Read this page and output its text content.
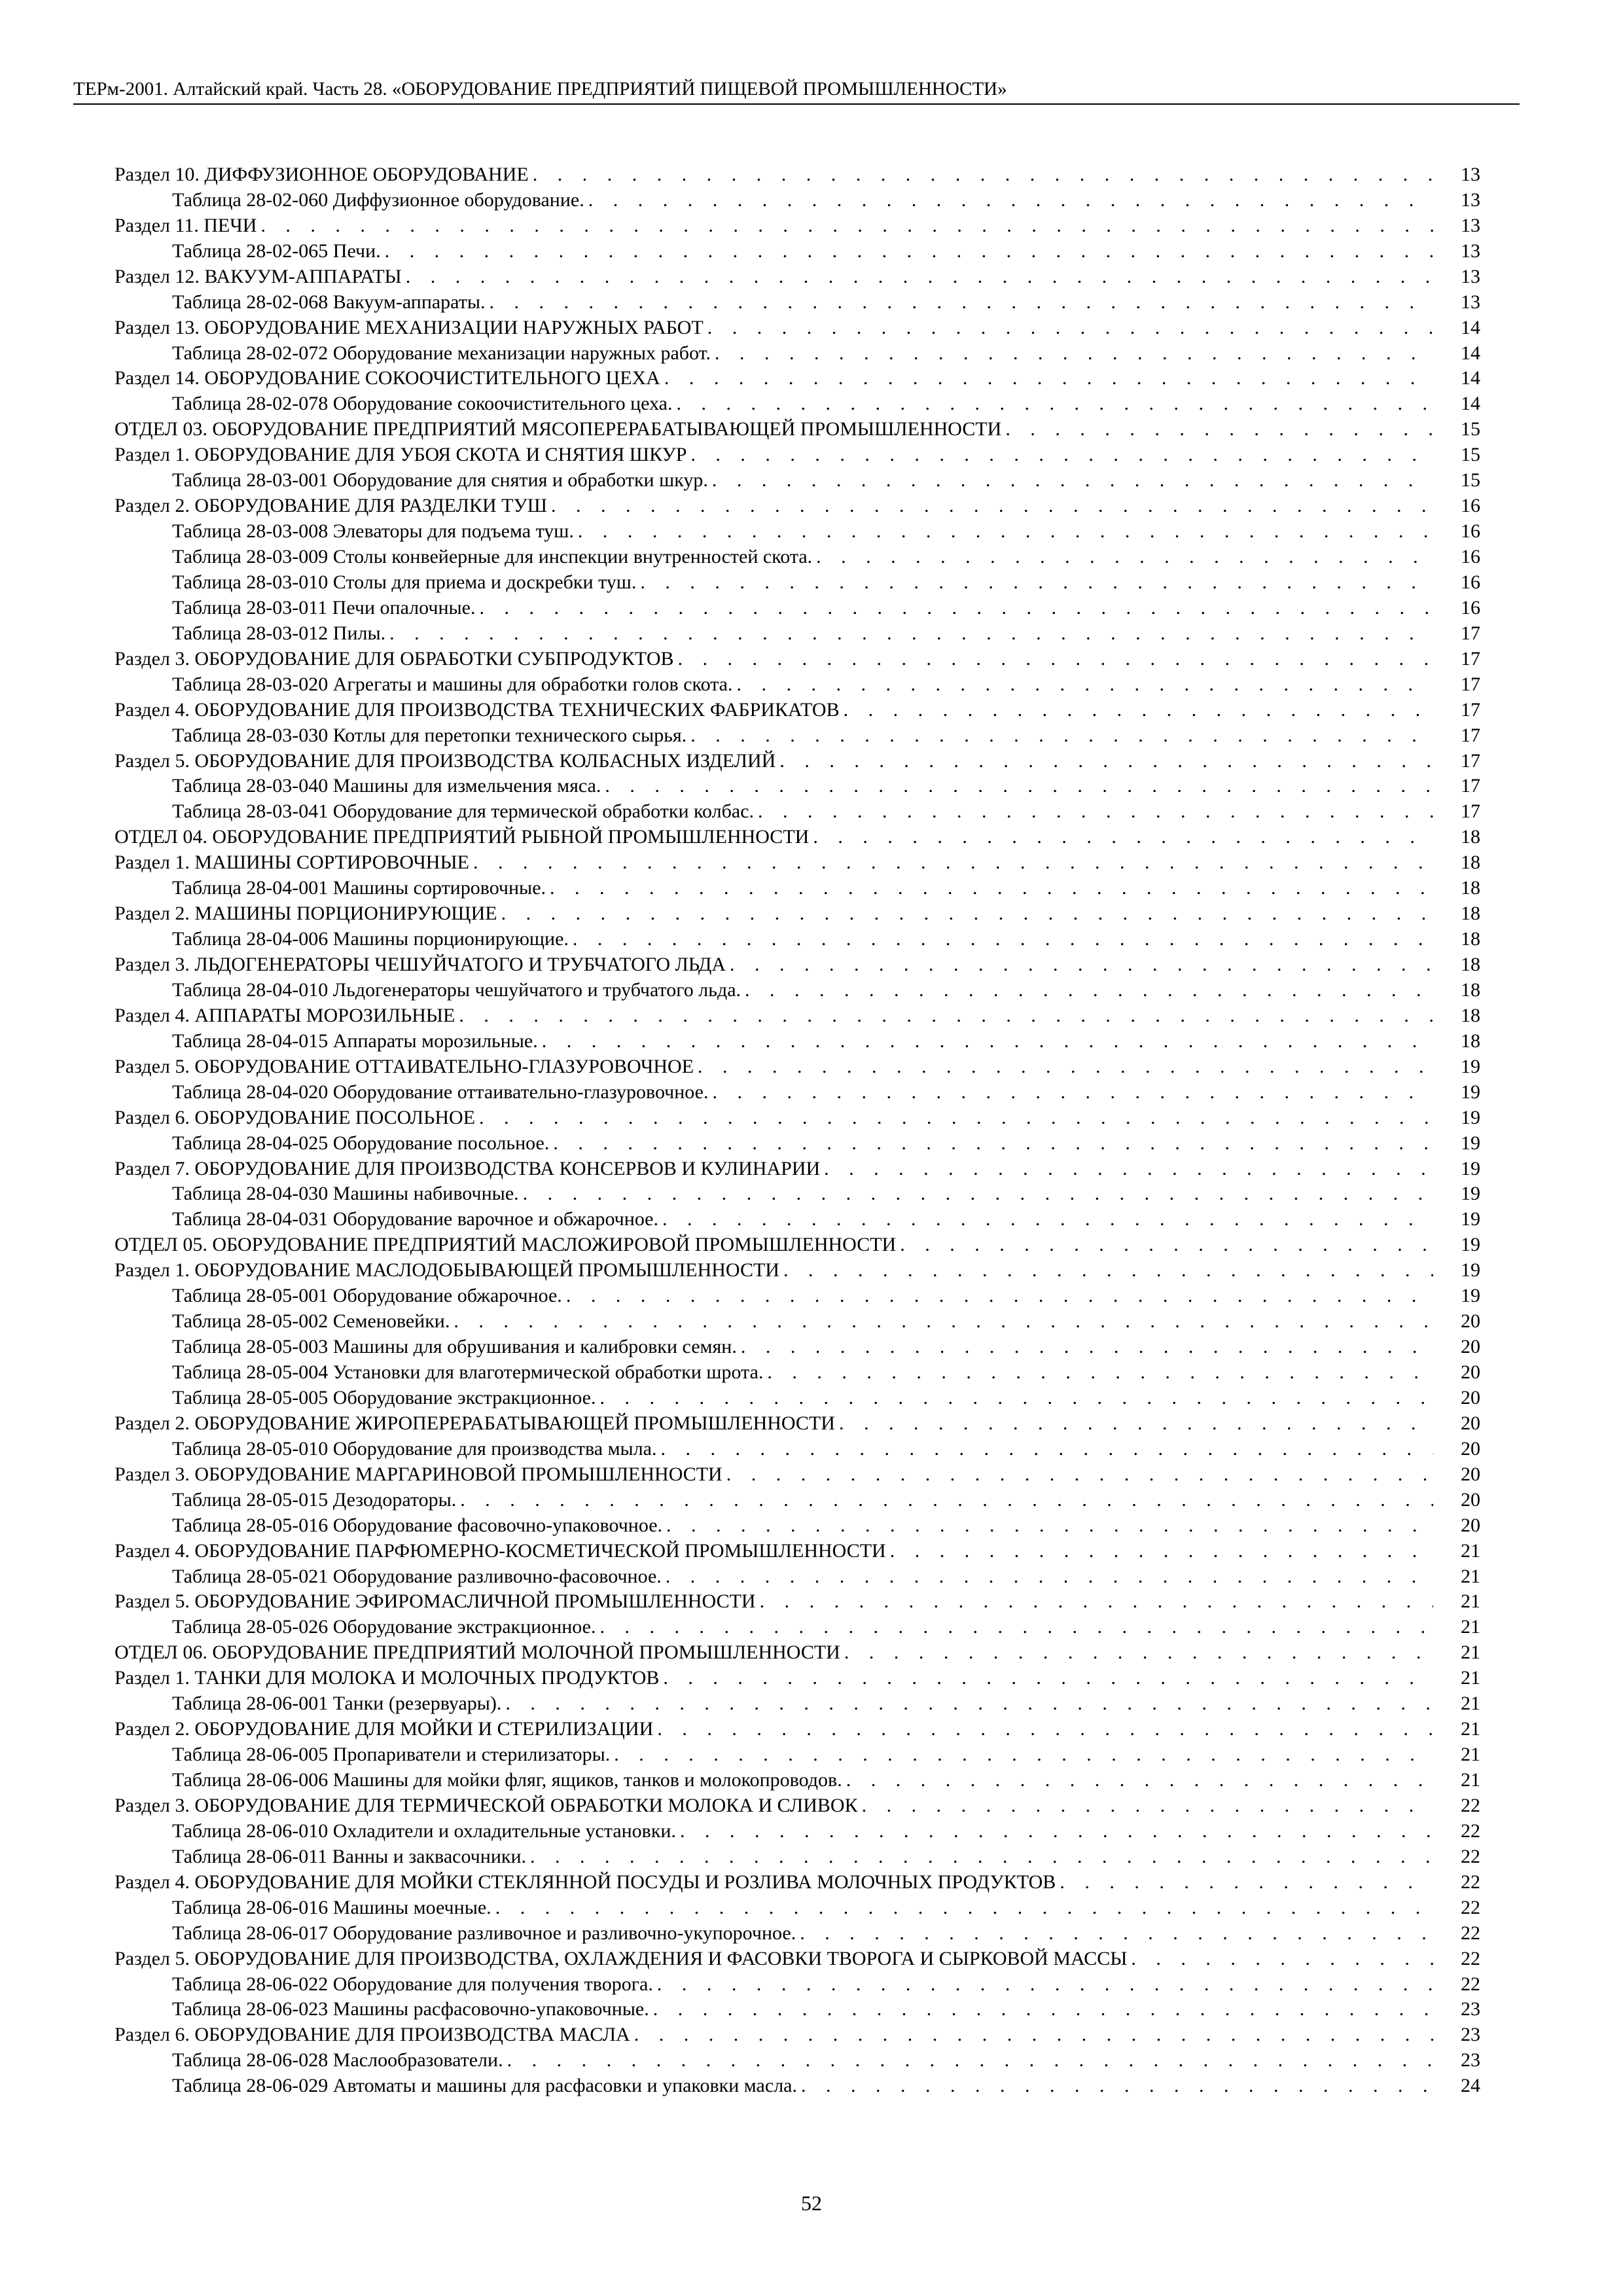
ТЕРм-2001. Алтайский край. Часть 28. «ОБОРУДОВАНИЕ ПРЕДПРИЯТИЙ ПИЩЕВОЙ ПРОМЫШЛЕННОСТИ»
Раздел 10. ДИФФУЗИОННОЕ ОБОРУДОВАНИЕ . . .	13
Таблица 28-02-060 Диффузионное оборудование. . . .	13
Раздел 11. ПЕЧИ . . .	13
Таблица 28-02-065 Печи. . . .	13
Раздел 12. ВАКУУМ-АППАРАТЫ . . .	13
Таблица 28-02-068 Вакуум-аппараты. . . .	13
Раздел 13. ОБОРУДОВАНИЕ МЕХАНИЗАЦИИ НАРУЖНЫХ РАБОТ . . .	14
Таблица 28-02-072 Оборудование механизации наружных работ. . . .	14
Раздел 14. ОБОРУДОВАНИЕ СОКООЧИСТИТЕЛЬНОГО ЦЕХА . . .	14
Таблица 28-02-078 Оборудование сокоочистительного цеха. . . .	14
ОТДЕЛ 03. ОБОРУДОВАНИЕ ПРЕДПРИЯТИЙ МЯСОПЕРЕРАБАТЫВАЮЩЕЙ ПРОМЫШЛЕННОСТИ . . .	15
Раздел 1. ОБОРУДОВАНИЕ ДЛЯ УБОЯ СКОТА И СНЯТИЯ ШКУР . . .	15
Таблица 28-03-001 Оборудование для снятия и обработки шкур. . . .	15
Раздел 2. ОБОРУДОВАНИЕ ДЛЯ РАЗДЕЛКИ ТУШ . . .	16
Таблица 28-03-008 Элеваторы для подъема туш. . . .	16
Таблица 28-03-009 Столы конвейерные для инспекции внутренностей скота. . . .	16
Таблица 28-03-010 Столы для приема и доскребки туш. . . .	16
Таблица 28-03-011 Печи опалочные. . . .	16
Таблица 28-03-012 Пилы. . . .	17
Раздел 3. ОБОРУДОВАНИЕ ДЛЯ ОБРАБОТКИ СУБПРОДУКТОВ . . .	17
Таблица 28-03-020 Агрегаты и машины для обработки голов скота. . . .	17
Раздел 4. ОБОРУДОВАНИЕ ДЛЯ ПРОИЗВОДСТВА ТЕХНИЧЕСКИХ ФАБРИКАТОВ . . .	17
Таблица 28-03-030 Котлы для перетопки технического сырья. . . .	17
Раздел 5. ОБОРУДОВАНИЕ ДЛЯ ПРОИЗВОДСТВА КОЛБАСНЫХ ИЗДЕЛИЙ . . .	17
Таблица 28-03-040 Машины для измельчения мяса. . . .	17
Таблица 28-03-041 Оборудование для термической обработки колбас. . . .	17
ОТДЕЛ 04. ОБОРУДОВАНИЕ ПРЕДПРИЯТИЙ РЫБНОЙ ПРОМЫШЛЕННОСТИ . . .	18
Раздел 1. МАШИНЫ СОРТИРОВОЧНЫЕ . . .	18
Таблица 28-04-001 Машины сортировочные. . . .	18
Раздел 2. МАШИНЫ ПОРЦИОНИРУЮЩИЕ . . .	18
Таблица 28-04-006 Машины порционирующие. . . .	18
Раздел 3. ЛЬДОГЕНЕРАТОРЫ ЧЕШУЙЧАТОГО И ТРУБЧАТОГО ЛЬДА . . .	18
Таблица 28-04-010 Льдогенераторы чешуйчатого и трубчатого льда. . . .	18
Раздел 4. АППАРАТЫ МОРОЗИЛЬНЫЕ . . .	18
Таблица 28-04-015 Аппараты морозильные. . . .	18
Раздел 5. ОБОРУДОВАНИЕ ОТТАИВАТЕЛЬНО-ГЛАЗУРОВОЧНОЕ . . .	19
Таблица 28-04-020 Оборудование оттаивательно-глазуровочное. . . .	19
Раздел 6. ОБОРУДОВАНИЕ ПОСОЛЬНОЕ . . .	19
Таблица 28-04-025 Оборудование посольное. . . .	19
Раздел 7. ОБОРУДОВАНИЕ ДЛЯ ПРОИЗВОДСТВА КОНСЕРВОВ И КУЛИНАРИИ . . .	19
Таблица 28-04-030 Машины набивочные. . . .	19
Таблица 28-04-031 Оборудование варочное и обжарочное. . . .	19
ОТДЕЛ 05. ОБОРУДОВАНИЕ ПРЕДПРИЯТИЙ МАСЛОЖИРОВОЙ ПРОМЫШЛЕННОСТИ . . .	19
Раздел 1. ОБОРУДОВАНИЕ МАСЛОДОБЫВАЮЩЕЙ ПРОМЫШЛЕННОСТИ . . .	19
Таблица 28-05-001 Оборудование обжарочное. . . .	19
Таблица 28-05-002 Семеновейки. . . .	20
Таблица 28-05-003 Машины для обрушивания и калибровки семян. . . .	20
Таблица 28-05-004 Установки для влаготермической обработки шрота. . . .	20
Таблица 28-05-005 Оборудование экстракционное. . . .	20
Раздел 2. ОБОРУДОВАНИЕ ЖИРОПЕРЕРАБАТЫВАЮЩЕЙ ПРОМЫШЛЕННОСТИ . . .	20
Таблица 28-05-010 Оборудование для производства мыла. . . .	20
Раздел 3. ОБОРУДОВАНИЕ МАРГАРИНОВОЙ ПРОМЫШЛЕННОСТИ . . .	20
Таблица 28-05-015 Дезодораторы. . . .	20
Таблица 28-05-016 Оборудование фасовочно-упаковочное. . . .	20
Раздел 4. ОБОРУДОВАНИЕ ПАРФЮМЕРНО-КОСМЕТИЧЕСКОЙ ПРОМЫШЛЕННОСТИ . . .	21
Таблица 28-05-021 Оборудование разливочно-фасовочное. . . .	21
Раздел 5. ОБОРУДОВАНИЕ ЭФИРОМАСЛИЧНОЙ ПРОМЫШЛЕННОСТИ . . .	21
Таблица 28-05-026 Оборудование экстракционное. . . .	21
ОТДЕЛ 06. ОБОРУДОВАНИЕ ПРЕДПРИЯТИЙ МОЛОЧНОЙ ПРОМЫШЛЕННОСТИ . . .	21
Раздел 1. ТАНКИ ДЛЯ МОЛОКА И МОЛОЧНЫХ ПРОДУКТОВ . . .	21
Таблица 28-06-001 Танки (резервуары). . . .	21
Раздел 2. ОБОРУДОВАНИЕ ДЛЯ МОЙКИ И СТЕРИЛИЗАЦИИ . . .	21
Таблица 28-06-005 Пропариватели и стерилизаторы. . . .	21
Таблица 28-06-006 Машины для мойки фляг, ящиков, танков и молокопроводов. . . .	21
Раздел 3. ОБОРУДОВАНИЕ ДЛЯ ТЕРМИЧЕСКОЙ ОБРАБОТКИ МОЛОКА И СЛИВОК . . .	22
Таблица 28-06-010 Охладители и охладительные установки. . . .	22
Таблица 28-06-011 Ванны и заквасочники. . . .	22
Раздел 4. ОБОРУДОВАНИЕ ДЛЯ МОЙКИ СТЕКЛЯННОЙ ПОСУДЫ И РОЗЛИВА МОЛОЧНЫХ ПРОДУКТОВ . . .	22
Таблица 28-06-016 Машины моечные. . . .	22
Таблица 28-06-017 Оборудование разливочное и разливочно-укупорочное. . . .	22
Раздел 5. ОБОРУДОВАНИЕ ДЛЯ ПРОИЗВОДСТВА, ОХЛАЖДЕНИЯ И ФАСОВКИ ТВОРОГА И СЫРКОВОЙ МАССЫ . . .	22
Таблица 28-06-022 Оборудование для получения творога. . . .	22
Таблица 28-06-023 Машины расфасовочно-упаковочные. . . .	23
Раздел 6. ОБОРУДОВАНИЕ ДЛЯ ПРОИЗВОДСТВА МАСЛА . . .	23
Таблица 28-06-028 Маслообразователи. . . .	23
Таблица 28-06-029 Автоматы и машины для расфасовки и упаковки масла. . . .	24
52
